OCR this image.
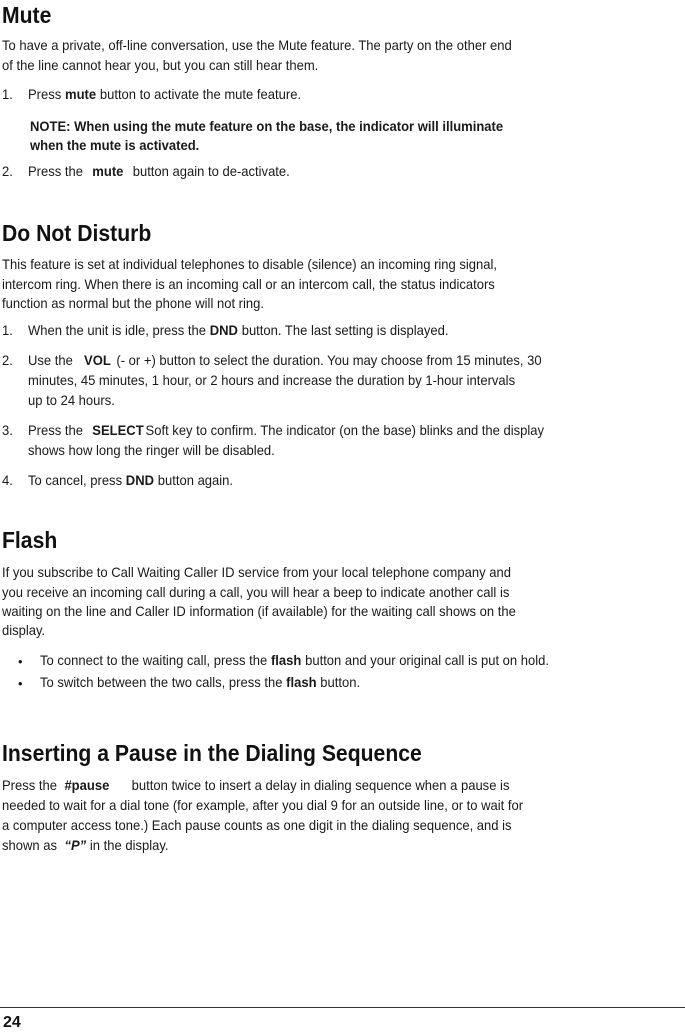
Mute
To have a private, off-line conversation, use the Mute feature. The party on the other end
of the line cannot hear you, but you can still hear them.
1. Press mute button to activate the mute feature.
NOTE: When using the mute feature on the base, the indicator will illuminate
when the mute is activated.
2. Press the mute button again to de-activate.
Do Not Disturb
This feature is set at individual telephones to disable (silence) an incoming ring signal,
intercom ring. When there is an incoming call or an intercom call, the status indicators
function as normal but the phone will not ring.
1. When the unit is idle, press the DND button. The last setting is displayed.
2. Use the VOL (- or +) button to select the duration. You may choose from 15 minutes, 30
minutes, 45 minutes, 1 hour, or 2 hours and increase the duration by 1-hour intervals
up to 24 hours.
3. Press the SELECT Soft key to confirm. The indicator (on the base) blinks and the display
shows how long the ringer will be disabled.
4. To cancel, press DND button again.
Flash
If you subscribe to Call Waiting Caller ID service from your local telephone company and
you receive an incoming call during a call, you will hear a beep to indicate another call is
waiting on the line and Caller ID information (if available) for the waiting call shows on the
display.
• To connect to the waiting call, press the flash button and your original call is put on hold.
• To switch between the two calls, press the flash button.
Inserting a Pause in the Dialing Sequence
Press the #pause button twice to insert a delay in dialing sequence when a pause is
needed to wait for a dial tone (for example, after you dial 9 for an outside line, or to wait for
a computer access tone.) Each pause counts as one digit in the dialing sequence, and is
shown as “P” in the display.
24
